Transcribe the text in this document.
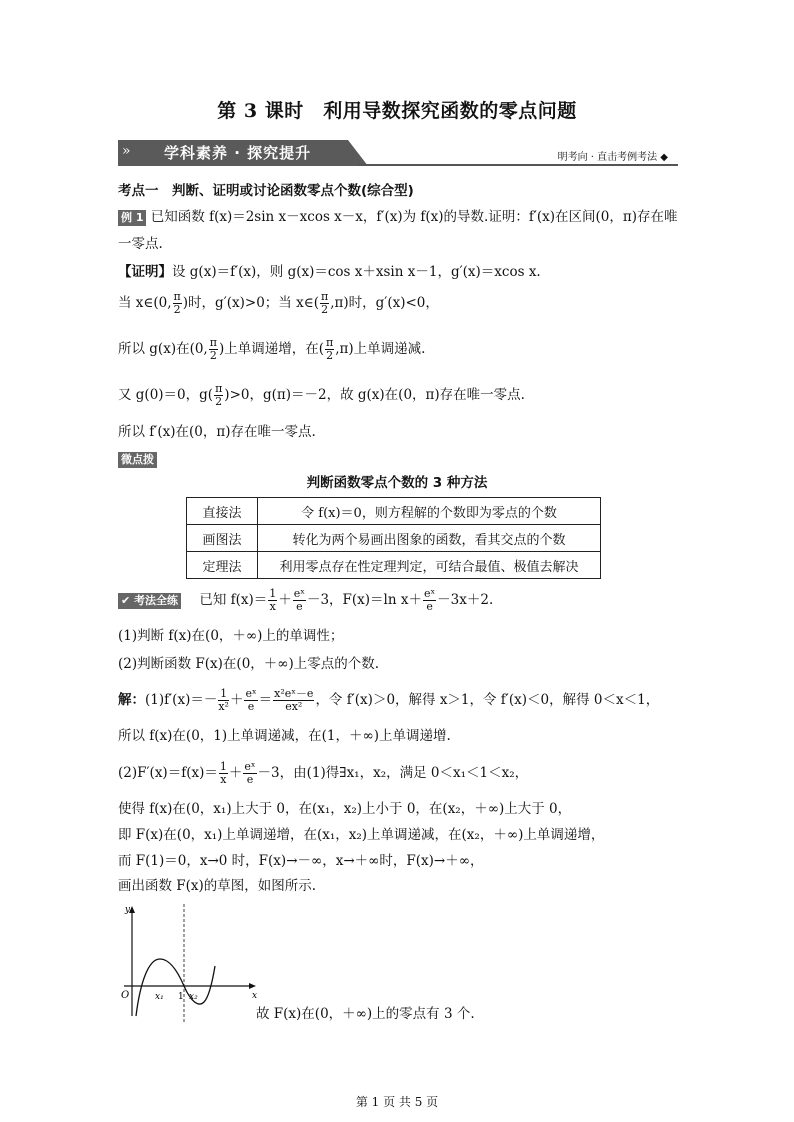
第 3 课时　利用导数探究函数的零点问题
» 学科素养 · 探究提升	明考向 · 直击考例考法 ◆
考点一　判断、证明或讨论函数零点个数(综合型)
例 1 已知函数 f(x)＝2sin x－xcos x－x，f′(x)为 f(x)的导数.证明：f′(x)在区间(0，π)存在唯
一零点.
【证明】设 g(x)＝f′(x)，则 g(x)＝cos x＋xsin x－1，g′(x)＝xcos x.
当 x∈(0, $\frac{\pi}{2}$ )时，g′(x)>0；当 x∈( $\frac{\pi}{2} ,\pi$)时，g′(x)<0，
所以 g(x)在(0, $\frac{\pi}{2}$ )上单调递增，在( $\frac{\pi}{2} ,\pi$)上单调递减.
又 g(0)＝0，$g( \frac{\pi}{2} )>0$，g(π)＝－2，故 g(x)在(0，π)存在唯一零点.
所以 f′(x)在(0，π)存在唯一零点.
微点拨
判断函数零点个数的 3 种方法
直接法	令 f(x)＝0，则方程解的个数即为零点的个数
画图法	转化为两个易画出图象的函数，看其交点的个数
定理法	利用零点存在性定理判定，可结合最值、极值去解决
✔ 考法全练 已知 $f(x)= \frac{1}{x} + \frac{\text{eˣ}}{e} -3$，F(x)＝ln $x+ \frac{\text{eˣ}}{e} -3x+2$.
(1)判断 f(x)在(0，＋∞)上的单调性；
(2)判断函数 F(x)在(0，＋∞)上零点的个数.
解：$(1)f'(x)=- \frac{1}{\text{x²}} + \frac{\text{eˣ}}{e} = \frac{\text{x²eˣ－e}}{\text{ex²}}$ ，令 f′(x)＞0，解得 x＞1，令 f′(x)＜0，解得 0＜x＜1，
所以 f(x)在(0，1)上单调递减，在(1，＋∞)上单调递增.
$(2)F'(x)=f(x)= \frac{1}{x} + \frac{\text{eˣ}}{e} -3$，由(1)得∃x₁，x₂，满足 0＜x₁＜1＜x₂，
使得 f(x)在(0，x₁)上大于 0，在(x₁，x₂)上小于 0，在(x₂，＋∞)上大于 0，
即 F(x)在(0，x₁)上单调递增，在(x₁，x₂)上单调递减，在(x₂，＋∞)上单调递增，
而 F(1)＝0，x→0 时，F(x)→－∞，x→＋∞时，F(x)→＋∞，
画出函数 F(x)的草图，如图所示.
y
x
O	x₁ 1 x₂
故 F(x)在(0，＋∞)上的零点有 3 个.
第 1 页 共 5 页
